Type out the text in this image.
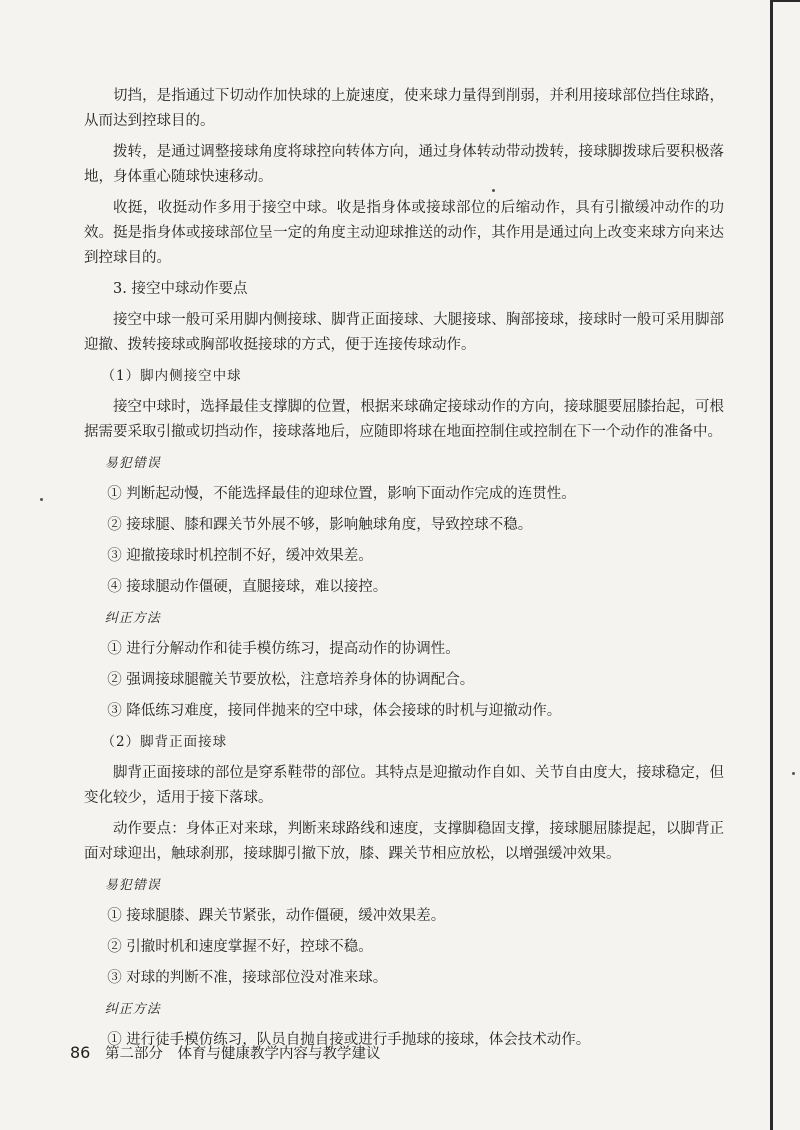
切挡，是指通过下切动作加快球的上旋速度，使来球力量得到削弱，并利用接球部位挡住球路，从而达到控球目的。

拨转，是通过调整接球角度将球控向转体方向，通过身体转动带动拨转，接球脚拨球后要积极落地，身体重心随球快速移动。

收挺，收挺动作多用于接空中球。收是指身体或接球部位的后缩动作，具有引撤缓冲动作的功效。挺是指身体或接球部位呈一定的角度主动迎球推送的动作，其作用是通过向上改变来球方向来达到控球目的。

3. 接空中球动作要点

接空中球一般可采用脚内侧接球、脚背正面接球、大腿接球、胸部接球，接球时一般可采用脚部迎撤、拨转接球或胸部收挺接球的方式，便于连接传球动作。

（1）脚内侧接空中球

接空中球时，选择最佳支撑脚的位置，根据来球确定接球动作的方向，接球腿要屈膝抬起，可根据需要采取引撤或切挡动作，接球落地后，应随即将球在地面控制住或控制在下一个动作的准备中。

易犯错误

① 判断起动慢，不能选择最佳的迎球位置，影响下面动作完成的连贯性。

② 接球腿、膝和踝关节外展不够，影响触球角度，导致控球不稳。

③ 迎撤接球时机控制不好，缓冲效果差。

④ 接球腿动作僵硬，直腿接球，难以接控。

纠正方法

① 进行分解动作和徒手模仿练习，提高动作的协调性。

② 强调接球腿髋关节要放松，注意培养身体的协调配合。

③ 降低练习难度，接同伴抛来的空中球，体会接球的时机与迎撤动作。

（2）脚背正面接球

脚背正面接球的部位是穿系鞋带的部位。其特点是迎撤动作自如、关节自由度大，接球稳定，但变化较少，适用于接下落球。

动作要点：身体正对来球，判断来球路线和速度，支撑脚稳固支撑，接球腿屈膝提起，以脚背正面对球迎出，触球刹那，接球脚引撤下放，膝、踝关节相应放松，以增强缓冲效果。

易犯错误

① 接球腿膝、踝关节紧张，动作僵硬，缓冲效果差。

② 引撤时机和速度掌握不好，控球不稳。

③ 对球的判断不准，接球部位没对准来球。

纠正方法

① 进行徒手模仿练习，队员自抛自接或进行手抛球的接球，体会技术动作。

86 第二部分　体育与健康教学内容与教学建议
